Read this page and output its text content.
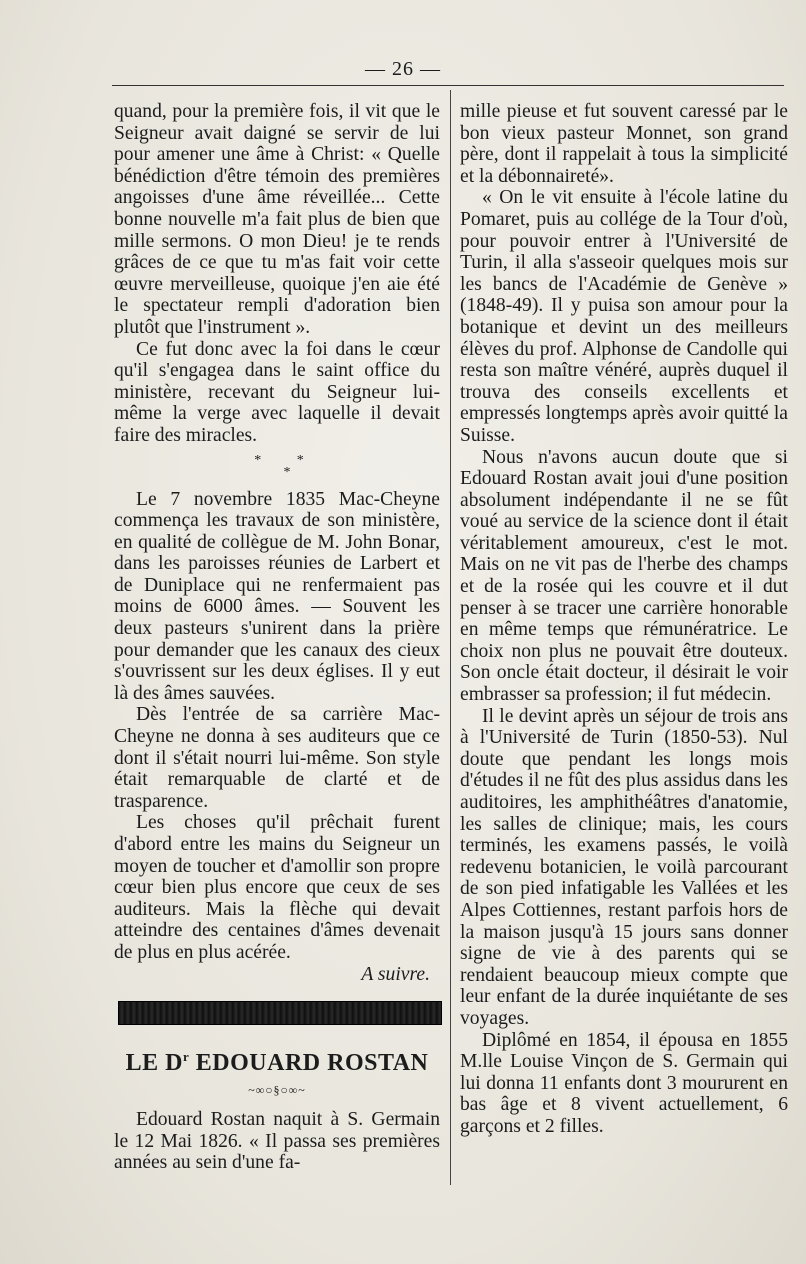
— 26 —

quand, pour la première fois, il vit que le Seigneur avait daigné se servir de lui pour amener une âme à Christ: « Quelle bénédiction d'être témoin des premières angoisses d'une âme réveillée... Cette bonne nouvelle m'a fait plus de bien que mille sermons. O mon Dieu! je te rends grâces de ce que tu m'as fait voir cette œuvre merveilleuse, quoique j'en aie été le spectateur rempli d'adoration bien plutôt que l'instrument ».

Ce fut donc avec la foi dans le cœur qu'il s'engagea dans le saint office du ministère, recevant du Seigneur lui-même la verge avec laquelle il devait faire des miracles.

* *
*

Le 7 novembre 1835 Mac-Cheyne commença les travaux de son ministère, en qualité de collègue de M. John Bonar, dans les paroisses réunies de Larbert et de Duniplace qui ne renfermaient pas moins de 6000 âmes. — Souvent les deux pasteurs s'unirent dans la prière pour demander que les canaux des cieux s'ouvrissent sur les deux églises. Il y eut là des âmes sauvées.

Dès l'entrée de sa carrière Mac-Cheyne ne donna à ses auditeurs que ce dont il s'était nourri lui-même. Son style était remarquable de clarté et de trasparence.

Les choses qu'il prêchait furent d'abord entre les mains du Seigneur un moyen de toucher et d'amollir son propre cœur bien plus encore que ceux de ses auditeurs. Mais la flèche qui devait atteindre des centaines d'âmes devenait de plus en plus acérée.

A suivre.

LE $D^r$ EDOUARD ROSTAN
~∞○§○∞~

Edouard Rostan naquit à S. Germain le 12 Mai 1826. « Il passa ses premières années au sein d'une fa-

mille pieuse et fut souvent caressé par le bon vieux pasteur Monnet, son grand père, dont il rappelait à tous la simplicité et la débonnaireté».

« On le vit ensuite à l'école latine du Pomaret, puis au collége de la Tour d'où, pour pouvoir entrer à l'Université de Turin, il alla s'asseoir quelques mois sur les bancs de l'Académie de Genève » (1848-49). Il y puisa son amour pour la botanique et devint un des meilleurs élèves du prof. Alphonse de Candolle qui resta son maître vénéré, auprès duquel il trouva des conseils excellents et empressés longtemps après avoir quitté la Suisse.

Nous n'avons aucun doute que si Edouard Rostan avait joui d'une position absolument indépendante il ne se fût voué au service de la science dont il était véritablement amoureux, c'est le mot. Mais on ne vit pas de l'herbe des champs et de la rosée qui les couvre et il dut penser à se tracer une carrière honorable en même temps que rémunératrice. Le choix non plus ne pouvait être douteux. Son oncle était docteur, il désirait le voir embrasser sa profession; il fut médecin.

Il le devint après un séjour de trois ans à l'Université de Turin (1850-53). Nul doute que pendant les longs mois d'études il ne fût des plus assidus dans les auditoires, les amphithéâtres d'anatomie, les salles de clinique; mais, les cours terminés, les examens passés, le voilà redevenu botanicien, le voilà parcourant de son pied infatigable les Vallées et les Alpes Cottiennes, restant parfois hors de la maison jusqu'à 15 jours sans donner signe de vie à des parents qui se rendaient beaucoup mieux compte que leur enfant de la durée inquiétante de ses voyages.

Diplômé en 1854, il épousa en 1855 M.lle Louise Vinçon de S. Germain qui lui donna 11 enfants dont 3 moururent en bas âge et 8 vivent actuellement, 6 garçons et 2 filles.
